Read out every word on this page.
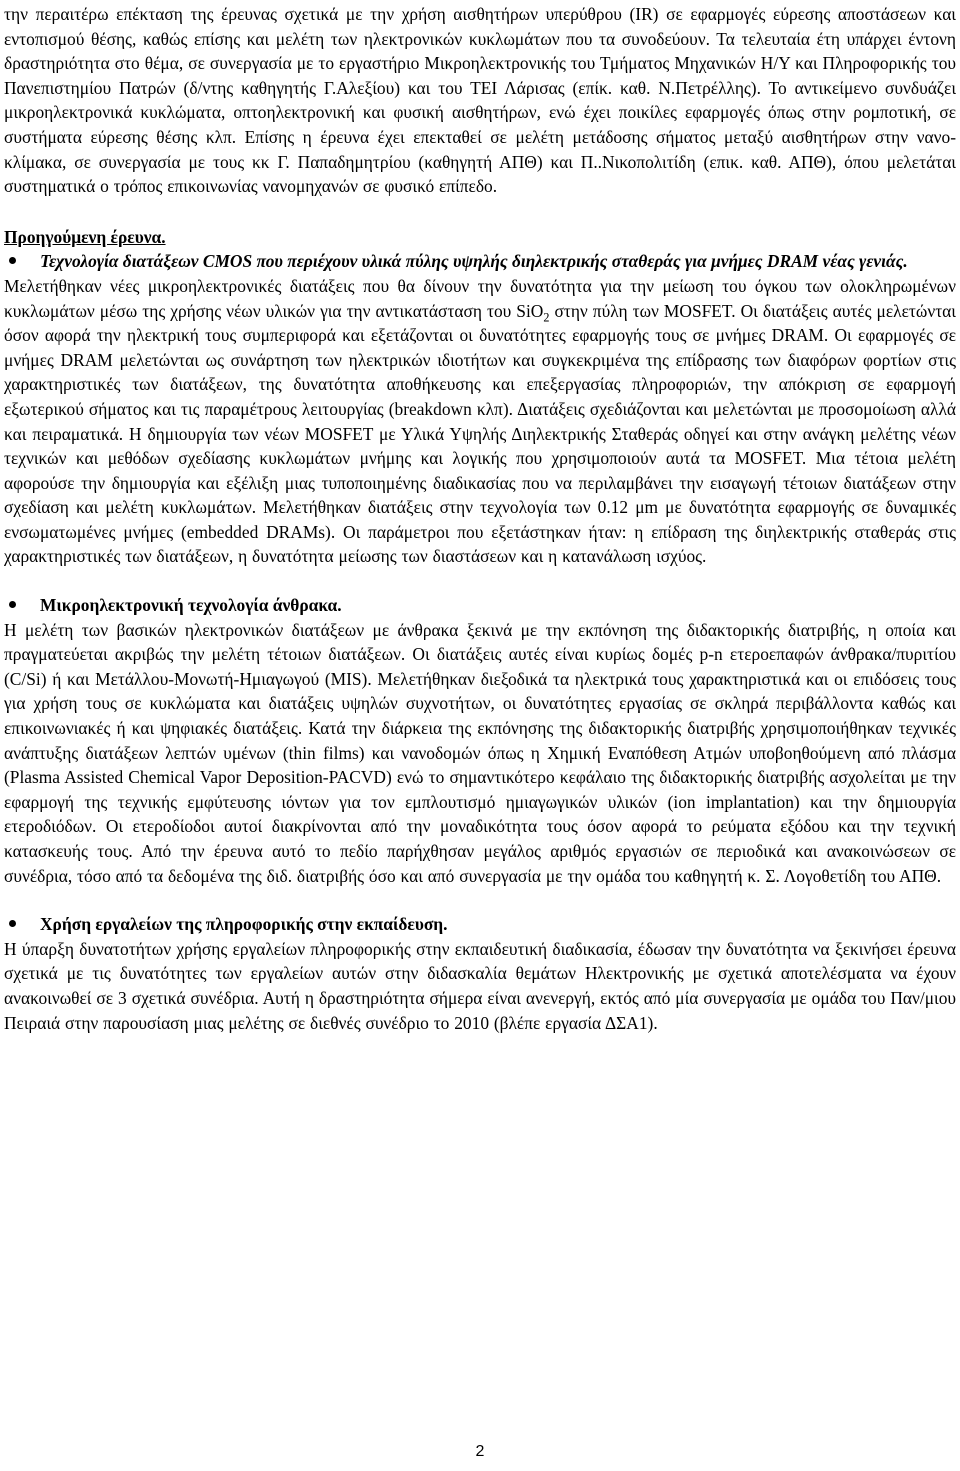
την περαιτέρω επέκταση της έρευνας σχετικά με την χρήση αισθητήρων υπερύθρου (IR) σε εφαρμογές εύρεσης αποστάσεων και εντοπισμού θέσης, καθώς επίσης και μελέτη των ηλεκτρονικών κυκλωμάτων που τα συνοδεύουν. Τα τελευταία έτη υπάρχει έντονη δραστηριότητα στο θέμα, σε συνεργασία με το εργαστήριο Μικροηλεκτρονικής του Τμήματος Μηχανικών Η/Υ και Πληροφορικής του Πανεπιστημίου Πατρών (δ/ντης καθηγητής Γ.Αλεξίου) και του ΤΕΙ Λάρισας (επίκ. καθ. Ν.Πετρέλλης). Το αντικείμενο συνδυάζει μικροηλεκτρονικά κυκλώματα, οπτοηλεκτρονική και φυσική αισθητήρων, ενώ έχει ποικίλες εφαρμογές όπως στην ρομποτική, σε συστήματα εύρεσης θέσης κλπ. Επίσης η έρευνα έχει επεκταθεί σε μελέτη μετάδοσης σήματος μεταξύ αισθητήρων στην νανο-κλίμακα, σε συνεργασία με τους κκ Γ. Παπαδημητρίου (καθηγητή ΑΠΘ) και Π..Νικοπολιτίδη (επικ. καθ. ΑΠΘ), όπου μελετάται συστηματικά ο τρόπος επικοινωνίας νανομηχανών σε φυσικό επίπεδο.

Προηγούμενη έρευνα.

Τεχνολογία διατάξεων CMOS που περιέχουν υλικά πύλης υψηλής διηλεκτρικής σταθεράς για μνήμες DRAM νέας γενιάς.

Μελετήθηκαν νέες μικροηλεκτρονικές διατάξεις που θα δίνουν την δυνατότητα για την μείωση του όγκου των ολοκληρωμένων κυκλωμάτων μέσω της χρήσης νέων υλικών για την αντικατάσταση του SiO$_2$ στην πύλη των MOSFET. Οι διατάξεις αυτές μελετώνται όσον αφορά την ηλεκτρική τους συμπεριφορά και εξετάζονται οι δυνατότητες εφαρμογής τους σε μνήμες DRAM. Οι εφαρμογές σε μνήμες DRAM μελετώνται ως συνάρτηση των ηλεκτρικών ιδιοτήτων και συγκεκριμένα της επίδρασης των διαφόρων φορτίων στις χαρακτηριστικές των διατάξεων, της δυνατότητα αποθήκευσης και επεξεργασίας πληροφοριών, την απόκριση σε εφαρμογή εξωτερικού σήματος και τις παραμέτρους λειτουργίας (breakdown κλπ). Διατάξεις σχεδιάζονται και μελετώνται με προσομοίωση αλλά και πειραματικά. Η δημιουργία των νέων MOSFET με Υλικά Υψηλής Διηλεκτρικής Σταθεράς οδηγεί και στην ανάγκη μελέτης νέων τεχνικών και μεθόδων σχεδίασης κυκλωμάτων μνήμης και λογικής που χρησιμοποιούν αυτά τα MOSFET. Μια τέτοια μελέτη αφορούσε την δημιουργία και εξέλιξη μιας τυποποιημένης διαδικασίας που να περιλαμβάνει την εισαγωγή τέτοιων διατάξεων στην σχεδίαση και μελέτη κυκλωμάτων. Μελετήθηκαν διατάξεις στην τεχνολογία των 0.12 μm με δυνατότητα εφαρμογής σε δυναμικές ενσωματωμένες μνήμες (embedded DRAMs). Οι παράμετροι που εξετάστηκαν ήταν: η επίδραση της διηλεκτρικής σταθεράς στις χαρακτηριστικές των διατάξεων, η δυνατότητα μείωσης των διαστάσεων και η κατανάλωση ισχύος.

Μικροηλεκτρονική τεχνολογία άνθρακα.

Η μελέτη των βασικών ηλεκτρονικών διατάξεων με άνθρακα ξεκινά με την εκπόνηση της διδακτορικής διατριβής, η οποία και πραγματεύεται ακριβώς την μελέτη τέτοιων διατάξεων. Οι διατάξεις αυτές είναι κυρίως δομές p-n ετεροεπαφών άνθρακα/πυριτίου (C/Si) ή και Μετάλλου-Μονωτή-Ημιαγωγού (MIS). Μελετήθηκαν διεξοδικά τα ηλεκτρικά τους χαρακτηριστικά και οι επιδόσεις τους για χρήση τους σε κυκλώματα και διατάξεις υψηλών συχνοτήτων, οι δυνατότητες εργασίας σε σκληρά περιβάλλοντα καθώς και επικοινωνιακές ή και ψηφιακές διατάξεις. Κατά την διάρκεια της εκπόνησης της διδακτορικής διατριβής χρησιμοποιήθηκαν τεχνικές ανάπτυξης διατάξεων λεπτών υμένων (thin films) και νανοδομών όπως η Χημική Εναπόθεση Ατμών υποβοηθούμενη από πλάσμα (Plasma Assisted Chemical Vapor Deposition-PACVD) ενώ το σημαντικότερο κεφάλαιο της διδακτορικής διατριβής ασχολείται με την εφαρμογή της τεχνικής εμφύτευσης ιόντων για τον εμπλουτισμό ημιαγωγικών υλικών (ion implantation) και την δημιουργία ετεροδιόδων. Οι ετεροδίοδοι αυτοί διακρίνονται από την μοναδικότητα τους όσον αφορά το ρεύματα εξόδου και την τεχνική κατασκευής τους. Από την έρευνα αυτό το πεδίο παρήχθησαν μεγάλος αριθμός εργασιών σε περιοδικά και ανακοινώσεων σε συνέδρια, τόσο από τα δεδομένα της διδ. διατριβής όσο και από συνεργασία με την ομάδα του καθηγητή κ. Σ. Λογοθετίδη του ΑΠΘ.

Χρήση εργαλείων της πληροφορικής στην εκπαίδευση.

Η ύπαρξη δυνατοτήτων χρήσης εργαλείων πληροφορικής στην εκπαιδευτική διαδικασία, έδωσαν την δυνατότητα να ξεκινήσει έρευνα σχετικά με τις δυνατότητες των εργαλείων αυτών στην διδασκαλία θεμάτων Ηλεκτρονικής με σχετικά αποτελέσματα να έχουν ανακοινωθεί σε 3 σχετικά συνέδρια. Αυτή η δραστηριότητα σήμερα είναι ανενεργή, εκτός από μία συνεργασία με ομάδα του Παν/μιου Πειραιά στην παρουσίαση μιας μελέτης σε διεθνές συνέδριο το 2010 (βλέπε εργασία ΔΣΑ1).

2
